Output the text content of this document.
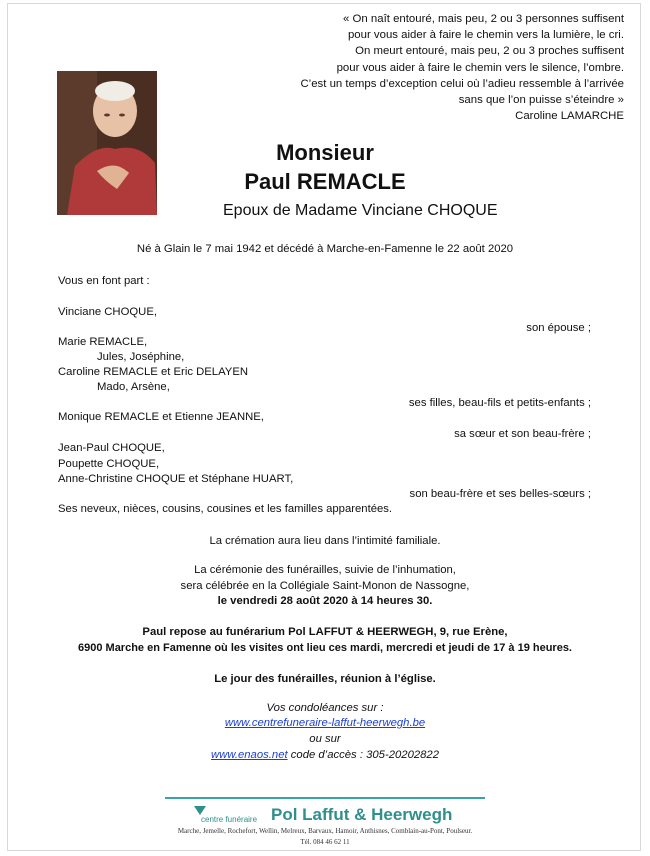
« On naît entouré, mais peu, 2 ou 3 personnes suffisent
pour vous aider à faire le chemin vers la lumière, le cri.
On meurt entouré, mais peu, 2 ou 3 proches suffisent
pour vous aider à faire le chemin vers le silence, l’ombre.
C’est un temps d’exception celui où l’adieu ressemble à l’arrivée
sans que l’on puisse s’éteindre »
Caroline LAMARCHE
Monsieur
Paul REMACLE
Epoux de Madame Vinciane CHOQUE
Né à Glain le 7 mai 1942 et décédé à Marche-en-Famenne le 22 août 2020
Vous en font part :
Vinciane CHOQUE,
son épouse ;
Marie REMACLE,
Jules, Joséphine,
Caroline REMACLE et Eric DELAYEN
Mado, Arsène,
ses filles, beau-fils et petits-enfants ;
Monique REMACLE et Etienne JEANNE,
sa sœur et son beau-frère ;
Jean-Paul CHOQUE,
Poupette CHOQUE,
Anne-Christine CHOQUE et Stéphane HUART,
son beau-frère et ses belles-sœurs ;
Ses neveux, nièces, cousins, cousines et les familles apparentées.
La crémation aura lieu dans l’intimité familiale.
La cérémonie des funérailles, suivie de l’inhumation,
sera célébrée en la Collégiale Saint-Monon de Nassogne,
le vendredi 28 août 2020 à 14 heures 30.
Paul repose au funérarium Pol LAFFUT & HEERWEGH, 9, rue Erène,
6900 Marche en Famenne où les visites ont lieu ces mardi, mercredi et jeudi de 17 à 19 heures.
Le jour des funérailles, réunion à l’église.
Vos condoléances sur :
www.centrefuneraire-laffut-heerwegh.be
ou sur
www.enaos.net code d’accès : 305-20202822
centre funéraire Pol Laffut & Heerwegh
Marche, Jemelle, Rochefort, Wellin, Melreux, Barvaux, Hamoir, Anthisnes, Comblain-au-Pont, Poulseur.
Tél. 084 46 62 11
